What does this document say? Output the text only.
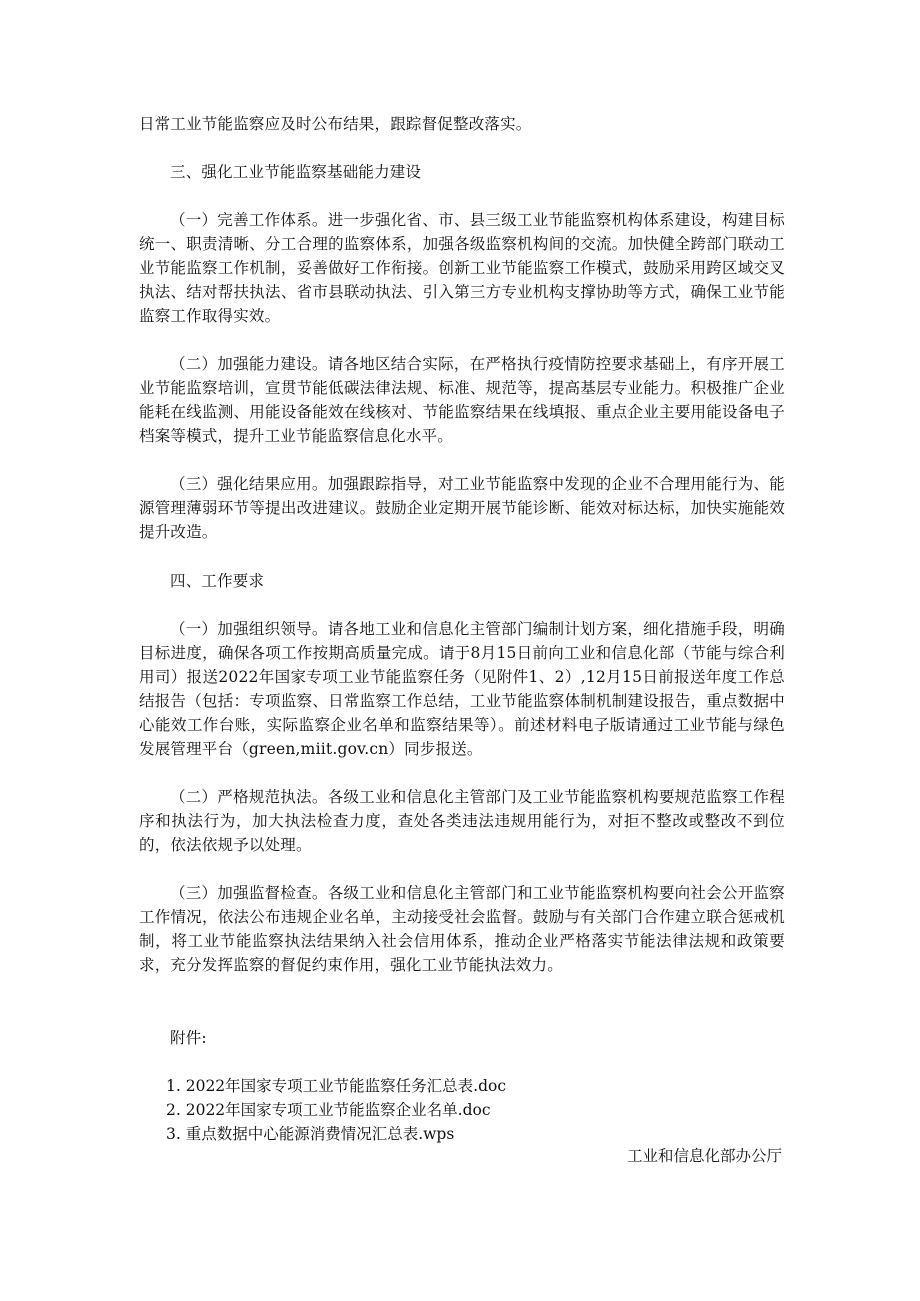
日常工业节能监察应及时公布结果，跟踪督促整改落实。

三、强化工业节能监察基础能力建设

（一）完善工作体系。进一步强化省、市、县三级工业节能监察机构体系建设，构建目标统一、职责清晰、分工合理的监察体系，加强各级监察机构间的交流。加快健全跨部门联动工业节能监察工作机制，妥善做好工作衔接。创新工业节能监察工作模式，鼓励采用跨区域交叉执法、结对帮扶执法、省市县联动执法、引入第三方专业机构支撑协助等方式，确保工业节能监察工作取得实效。

（二）加强能力建设。请各地区结合实际，在严格执行疫情防控要求基础上，有序开展工业节能监察培训，宣贯节能低碳法律法规、标准、规范等，提高基层专业能力。积极推广企业能耗在线监测、用能设备能效在线核对、节能监察结果在线填报、重点企业主要用能设备电子档案等模式，提升工业节能监察信息化水平。

（三）强化结果应用。加强跟踪指导，对工业节能监察中发现的企业不合理用能行为、能源管理薄弱环节等提出改进建议。鼓励企业定期开展节能诊断、能效对标达标，加快实施能效提升改造。

四、工作要求

（一）加强组织领导。请各地工业和信息化主管部门编制计划方案，细化措施手段，明确目标进度，确保各项工作按期高质量完成。请于8月15日前向工业和信息化部（节能与综合利用司）报送2022年国家专项工业节能监察任务（见附件1、2）,12月15日前报送年度工作总结报告（包括：专项监察、日常监察工作总结，工业节能监察体制机制建设报告，重点数据中心能效工作台账，实际监察企业名单和监察结果等）。前述材料电子版请通过工业节能与绿色发展管理平台（green,miit.gov.cn）同步报送。

（二）严格规范执法。各级工业和信息化主管部门及工业节能监察机构要规范监察工作程序和执法行为，加大执法检查力度，查处各类违法违规用能行为，对拒不整改或整改不到位的，依法依规予以处理。

（三）加强监督检查。各级工业和信息化主管部门和工业节能监察机构要向社会公开监察工作情况，依法公布违规企业名单，主动接受社会监督。鼓励与有关部门合作建立联合惩戒机制，将工业节能监察执法结果纳入社会信用体系，推动企业严格落实节能法律法规和政策要求，充分发挥监察的督促约束作用，强化工业节能执法效力。

附件:

1. 2022年国家专项工业节能监察任务汇总表.doc
2. 2022年国家专项工业节能监察企业名单.doc
3. 重点数据中心能源消费情况汇总表.wps

工业和信息化部办公厅
